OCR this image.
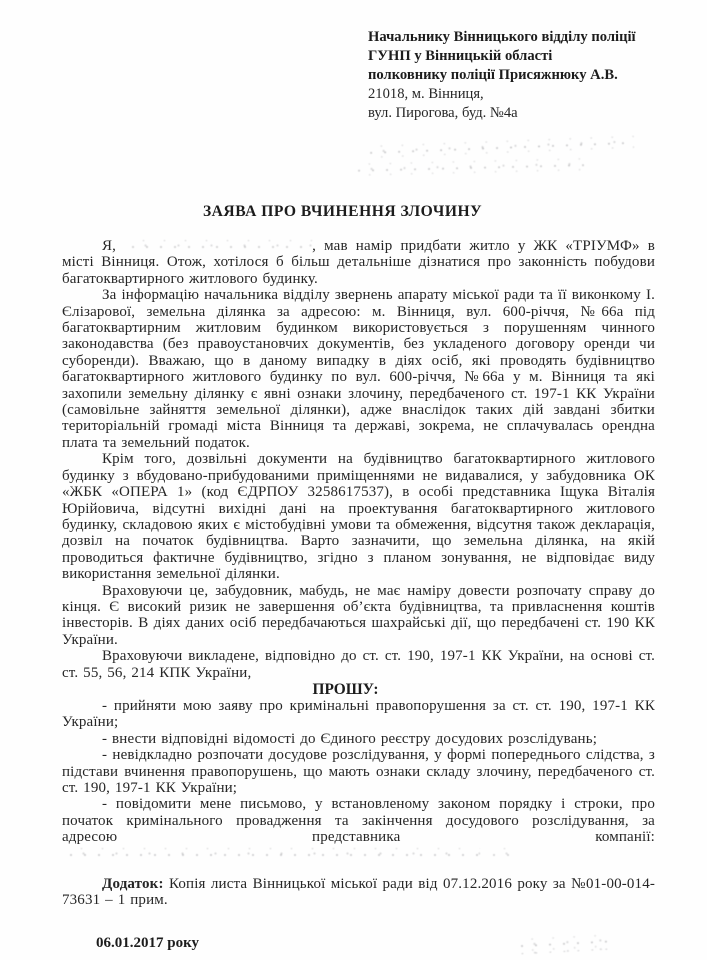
Начальнику Вінницького відділу поліції
ГУНП у Вінницькій області
полковнику поліції Присяжнюку А.В.
21018, м. Вінниця,
вул. Пирогова, буд. №4а
ЗАЯВА ПРО ВЧИНЕННЯ ЗЛОЧИНУ

Я,	, мав намір придбати житло у ЖК «ТРІУМФ» в місті Вінниця. Отож, хотілося б більш детальніше дізнатися про законність побудови багатоквартирного житлового будинку.

За інформацію начальника відділу звернень апарату міської ради та її виконкому І. Єлізарової, земельна ділянка за адресою: м. Вінниця, вул. 600-річчя, №66а під багатоквартирним житловим будинком використовується з порушенням чинного законодавства (без правоустановчих документів, без укладеного договору оренди чи суборенди). Вважаю, що в даному випадку в діях осіб, які проводять будівництво багатоквартирного житлового будинку по вул. 600-річчя, №66а у м. Вінниця та які захопили земельну ділянку є явні ознаки злочину, передбаченого ст. 197-1 КК України (самовільне зайняття земельної ділянки), адже внаслідок таких дій завдані збитки територіальній громаді міста Вінниця та державі, зокрема, не сплачувалась орендна плата та земельний податок.

Крім того, дозвільні документи на будівництво багатоквартирного житлового будинку з вбудовано-прибудованими приміщеннями не видавалися, у забудовника ОК «ЖБК «ОПЕРА 1» (код ЄДРПОУ 3258617537), в особі представника Іщука Віталія Юрійовича, відсутні вихідні дані на проектування багатоквартирного житлового будинку, складовою яких є містобудівні умови та обмеження, відсутня також декларація, дозвіл на початок будівництва. Варто зазначити, що земельна ділянка, на якій проводиться фактичне будівництво, згідно з планом зонування, не відповідає виду використання земельної ділянки.

Враховуючи це, забудовник, мабудь, не має наміру довести розпочату справу до кінця. Є високий ризик не завершення об’єкта будівництва, та привласнення коштів інвесторів. В діях даних осіб передбачаються шахрайські дії, що передбачені ст. 190 КК України.

Враховуючи викладене, відповідно до ст. ст. 190, 197-1 КК України, на основі ст. ст. 55, 56, 214 КПК України,

ПРОШУ:

- прийняти мою заяву про кримінальні правопорушення за ст. ст. 190, 197-1 КК України;

- внести відповідні відомості до Єдиного реєстру досудових розслідувань;

- невідкладно розпочати досудове розслідування, у формі попереднього слідства, з підстави вчинення правопорушень, що мають ознаки складу злочину, передбаченого ст. ст. 190, 197-1 КК України;

- повідомити мене письмово, у встановленому законом порядку і строки, про початок кримінального провадження та закінчення досудового розслідування, за адресою представника компанії:

Додаток: Копія листа Вінницької міської ради від 07.12.2016 року за №01-00-014-73631 – 1 прим.

06.01.2017 року
